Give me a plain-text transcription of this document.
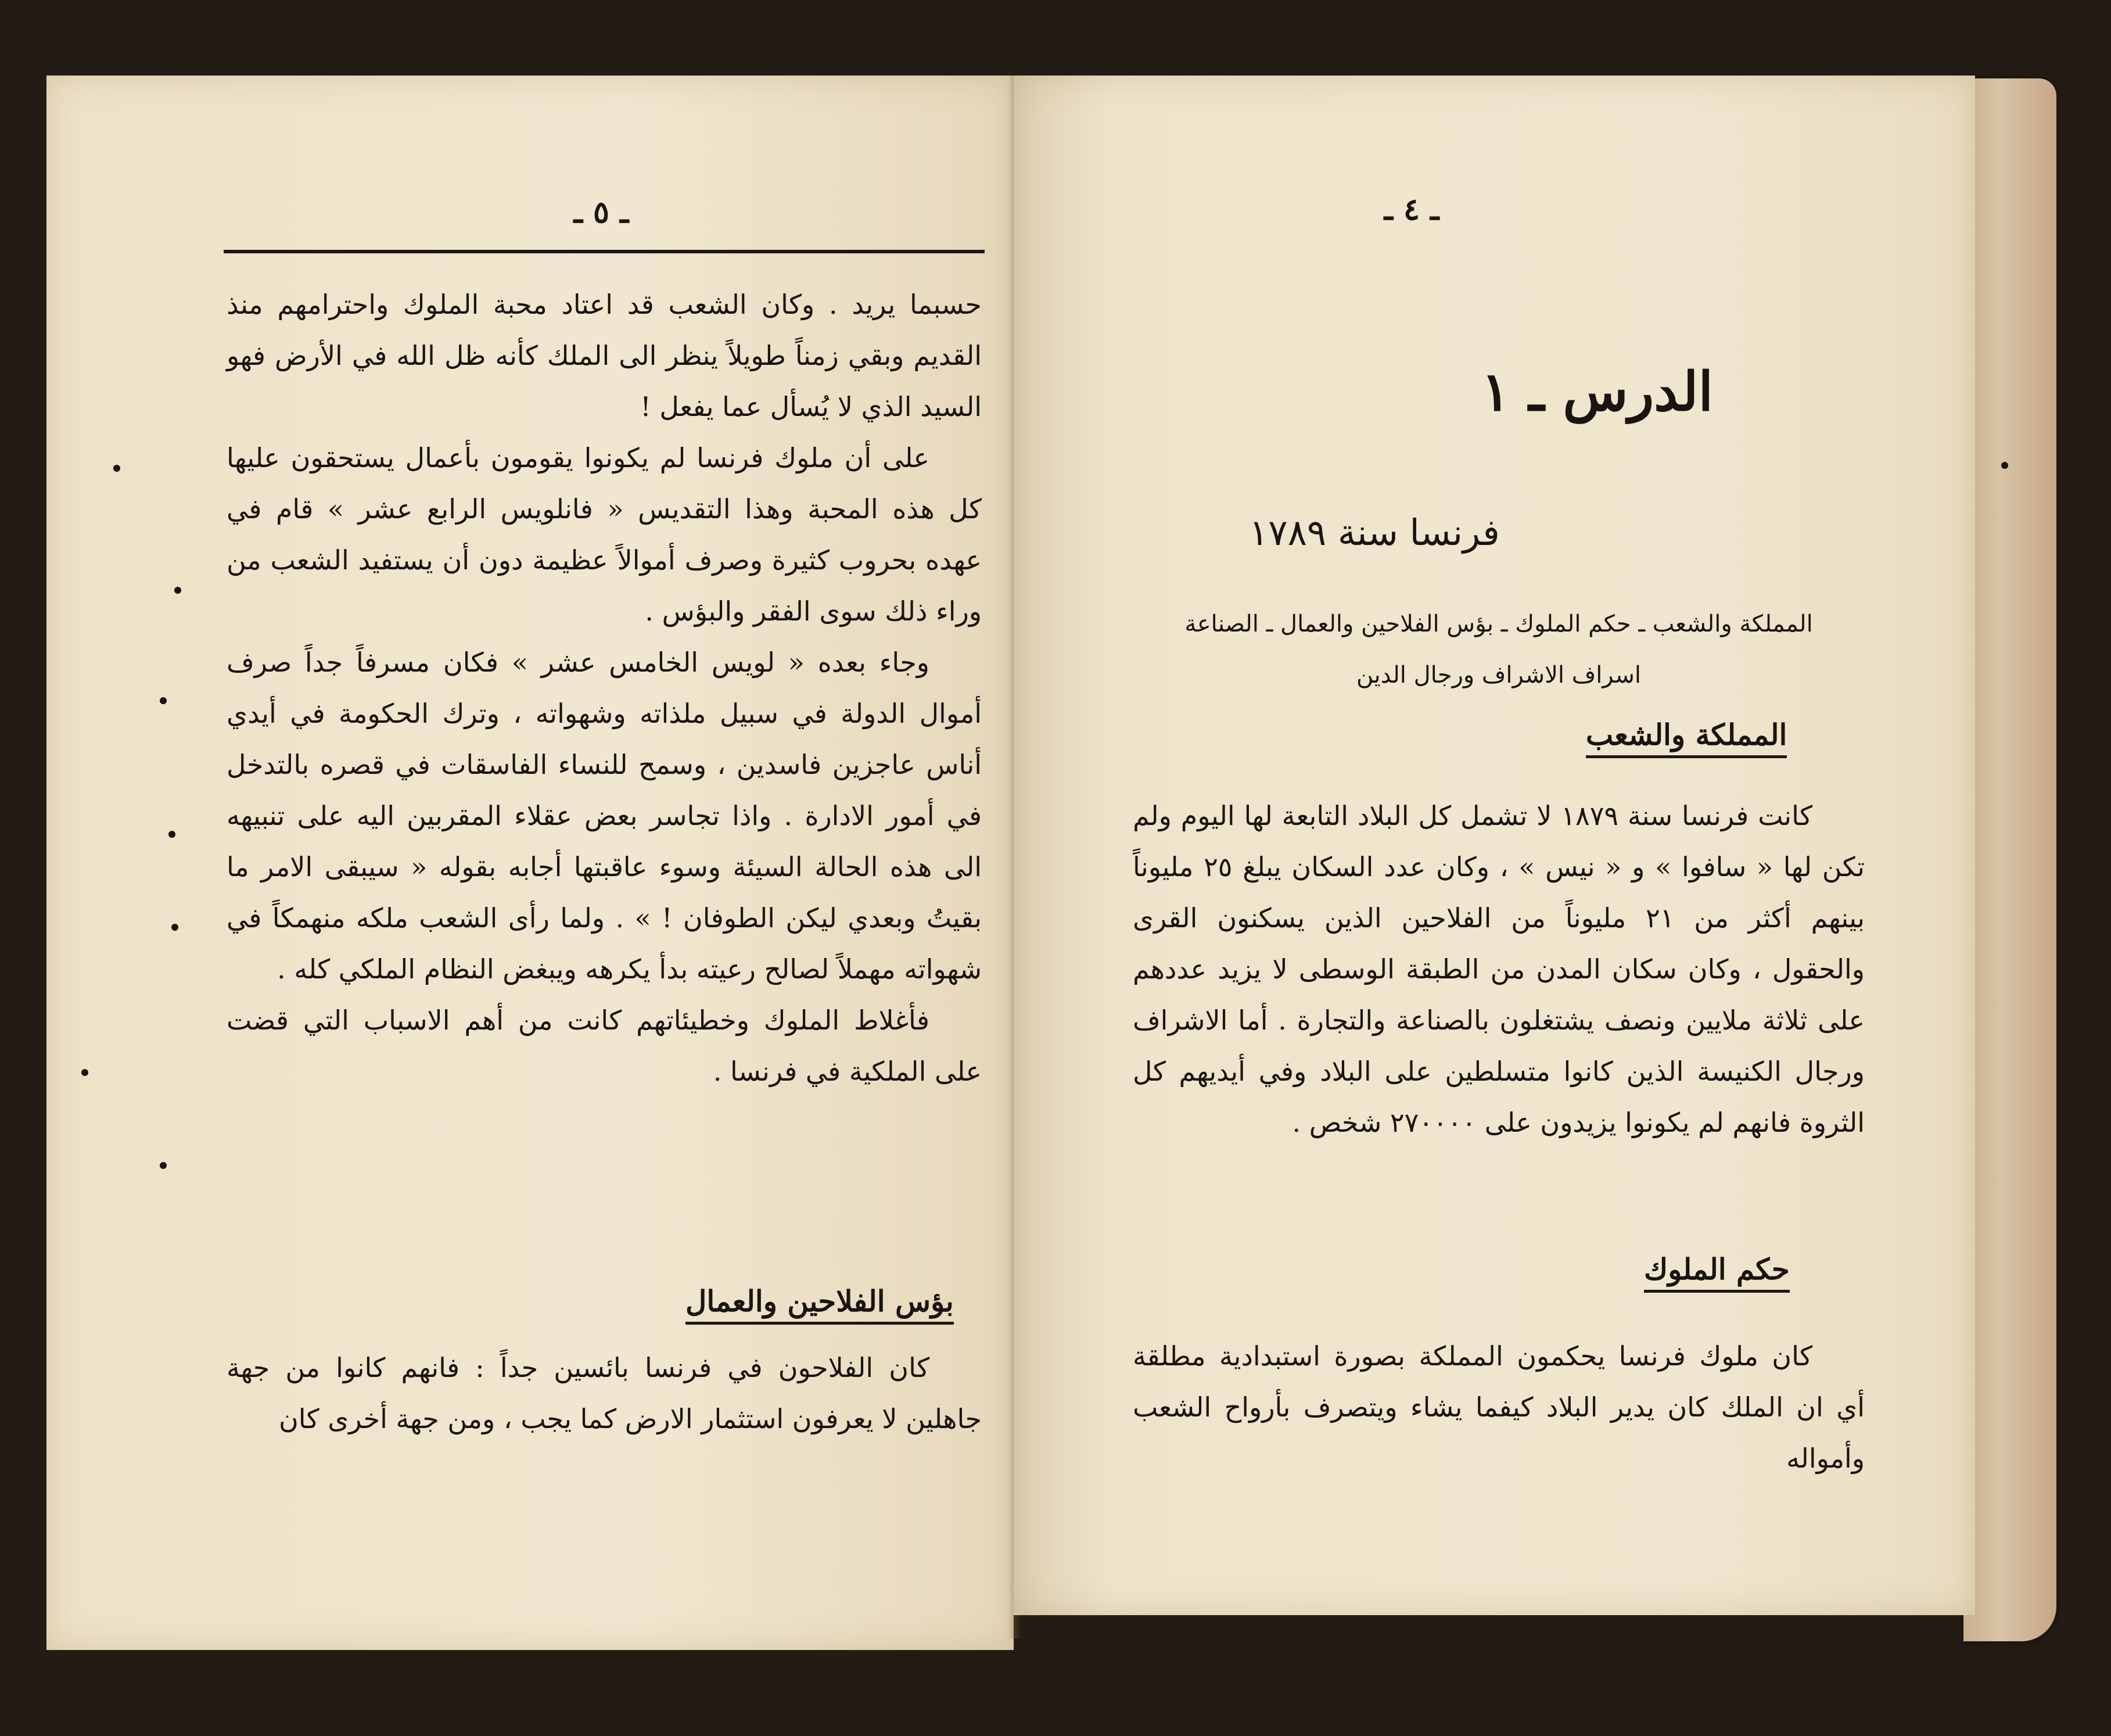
ـ ٥ ـ

حسبما يريد . وكان الشعب قد اعتاد محبة الملوك واحترامهم منذ القديم وبقي زمناً طويلاً ينظر الى الملك كأنه ظل الله في الأرض فهو السيد الذي لا يُسأل عما يفعل !

على أن ملوك فرنسا لم يكونوا يقومون بأعمال يستحقون عليها كل هذه المحبة وهذا التقديس « فانلويس الرابع عشر » قام في عهده بحروب كثيرة وصرف أموالاً عظيمة دون أن يستفيد الشعب من وراء ذلك سوى الفقر والبؤس .

وجاء بعده « لويس الخامس عشر » فكان مسرفاً جداً صرف أموال الدولة في سبيل ملذاته وشهواته ، وترك الحكومة في أيدي أناس عاجزين فاسدين ، وسمح للنساء الفاسقات في قصره بالتدخل في أمور الادارة . واذا تجاسر بعض عقلاء المقربين اليه على تنبيهه الى هذه الحالة السيئة وسوء عاقبتها أجابه بقوله « سيبقى الامر ما بقيتُ وبعدي ليكن الطوفان ! » . ولما رأى الشعب ملكه منهمكاً في شهواته مهملاً لصالح رعيته بدأ يكرهه ويبغض النظام الملكي كله .

فأغلاط الملوك وخطيئاتهم كانت من أهم الاسباب التي قضت على الملكية في فرنسا .

بؤس الفلاحين والعمال

كان الفلاحون في فرنسا بائسين جداً : فانهم كانوا من جهة جاهلين لا يعرفون استثمار الارض كما يجب ، ومن جهة أخرى كان

ـ ٤ ـ
الدرس ـ ١
فرنسا سنة ١٧٨٩
المملكة والشعب ـ حكم الملوك ـ بؤس الفلاحين والعمال ـ الصناعة
اسراف الاشراف ورجال الدين
المملكة والشعب

كانت فرنسا سنة ١٨٧٩ لا تشمل كل البلاد التابعة لها اليوم ولم تكن لها « سافوا » و « نيس » ، وكان عدد السكان يبلغ ٢٥ مليوناً بينهم أكثر من ٢١ مليوناً من الفلاحين الذين يسكنون القرى والحقول ، وكان سكان المدن من الطبقة الوسطى لا يزيد عددهم على ثلاثة ملايين ونصف يشتغلون بالصناعة والتجارة . أما الاشراف ورجال الكنيسة الذين كانوا متسلطين على البلاد وفي أيديهم كل الثروة فانهم لم يكونوا يزيدون على ٢٧٠٠٠٠ شخص .

حكم الملوك

كان ملوك فرنسا يحكمون المملكة بصورة استبدادية مطلقة أي ان الملك كان يدير البلاد كيفما يشاء ويتصرف بأرواح الشعب وأمواله
